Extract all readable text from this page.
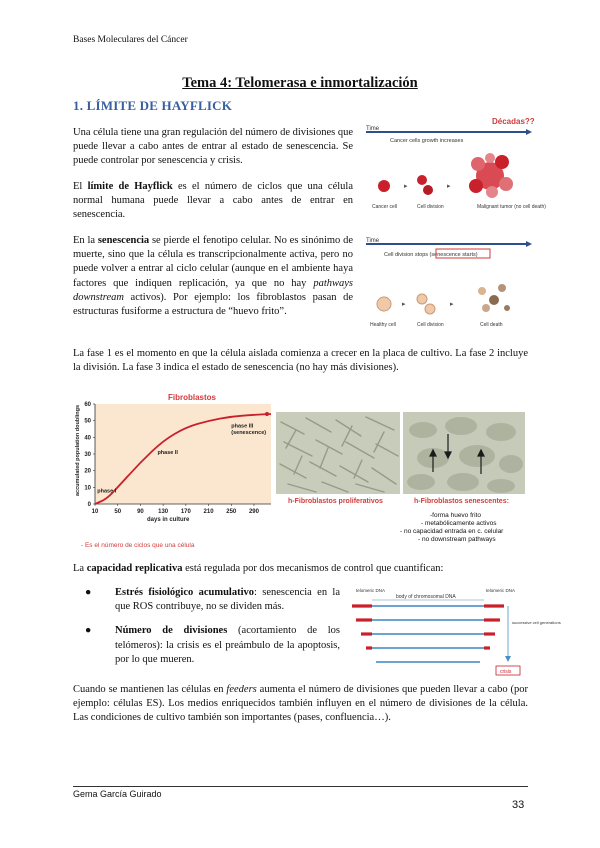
Bases Moleculares del Cáncer
Tema 4: Telomerasa e inmortalización
1. LÍMITE DE HAYFLICK
Una célula tiene una gran regulación del número de divisiones que puede llevar a cabo antes de entrar al estado de senescencia. Se puede controlar por senescencia y crisis.
El límite de Hayflick es el número de ciclos que una célula normal humana puede llevar a cabo antes de entrar en senescencia.
En la senescencia se pierde el fenotipo celular. No es sinónimo de muerte, sino que la célula es transcripcionalmente activa, pero no puede volver a entrar al ciclo celular (aunque en el ambiente haya factores que indiquen replicación, ya que no hay pathways downstream activos). Por ejemplo: los fibroblastos pasan de estructuras fusiforme a estructura de “huevo frito”.
Décadas??
Time
Cancer cells growth increases
▸	▸
Cancer cell	Cell division	Malignant tumor (no cell death)
Time
Cell division stops (senescence starts)
▸	▸
Healthy cell	Cell division	Cell death
La fase 1 es el momento en que la célula aislada comienza a crecer en la placa de cultivo. La fase 2 incluye la división. La fase 3 indica el estado de senescencia (no hay más divisiones).
Fibroblastos
accumulated population doublings
days in culture
0
10
20
30
40
50
60
10	50	90 130 170 210 250 290
phase I
phase II
phase III
(senescence)
- Es el número de ciclos que una célula
h-Fibroblastos proliferativos	h-Fibroblastos senescentes:
-forma huevo frito
- metabólicamente activos
- no capacidad entrada en c. celular
- no downstream pathways
La capacidad replicativa está regulada por dos mecanismos de control que cuantifican:
● Estrés fisiológico acumulativo: senescencia en la que ROS contribuye, no se dividen más.
● Número de divisiones (acortamiento de los telómeros): la crisis es el preámbulo de la apoptosis, por lo que mueren.
telomeric DNA
body of chromosomal DNA
telomeric DNA
successive cell generations
crisis
Cuando se mantienen las células en feeders aumenta el número de divisiones que pueden llevar a cabo (por ejemplo: células ES). Los medios enriquecidos también influyen en el número de divisiones de la célula. Las condiciones de cultivo también son importantes (pases, confluencia…).
Gema García Guirado
33
